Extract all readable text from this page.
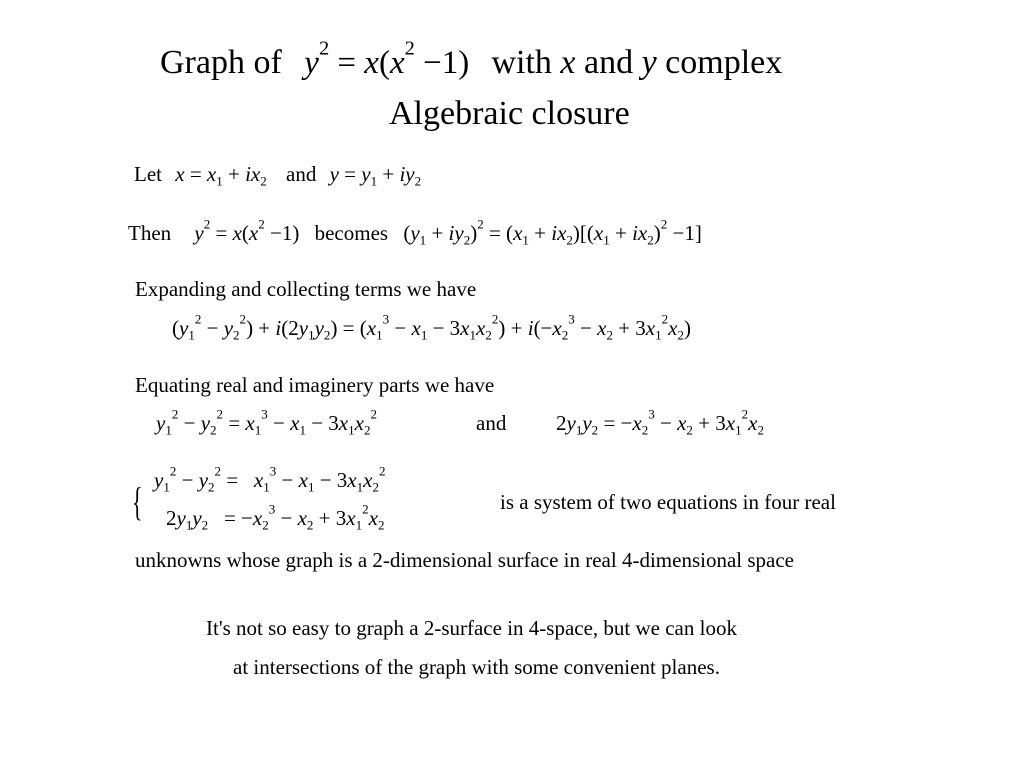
Graph of $y^2 = x(x^2 -1)$ with x and y complex
Algebraic closure
Let $x = x_1 + ix_2$ and $y = y_1 + iy_2$
Then $y^2 = x(x^2 -1)$ becomes $(y_1 + iy_2)^2 = (x_1 + ix_2)[(x_1 + ix_2)^2 -1]$
Expanding and collecting terms we have
$(y_1^2 - y_2^2) + i(2y_1y_2) = (x_1^3 - x_1 - 3x_1x_2^2) + i(-x_2^3 - x_2 + 3x_1^2x_2)$
Equating real and imaginery parts we have
$y_1^2 - y_2^2 = x_1^3 - x_1 - 3x_1x_2^2$	and $2y_1y_2 = -x_2^3 - x_2 + 3x_1^2x_2$
{ $y_1^2 - y_2^2 = x_1^3 - x_1 - 3x_1x_2^2$
$2y_1y_2 = -x_2^3 - x_2 + 3x_1^2x_2$
is a system of two equations in four real
unknowns whose graph is a 2-dimensional surface in real 4-dimensional space
It's not so easy to graph a 2-surface in 4-space, but we can look
at intersections of the graph with some convenient planes.
